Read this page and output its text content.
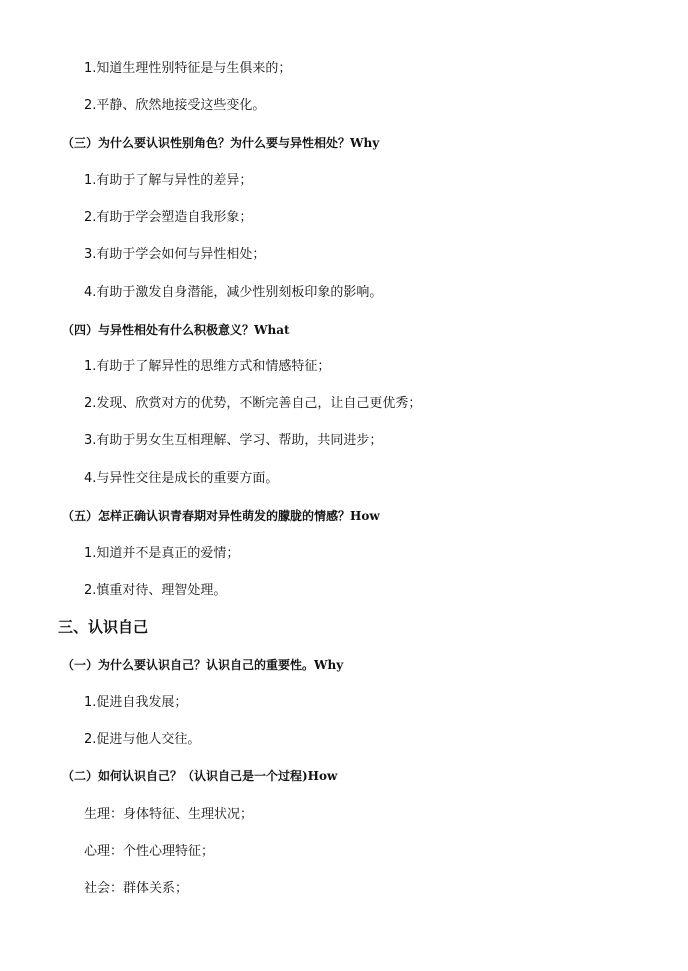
1.知道生理性别特征是与生俱来的；
2.平静、欣然地接受这些变化。
（三）为什么要认识性别角色？为什么要与异性相处？Why
1.有助于了解与异性的差异；
2.有助于学会塑造自我形象；
3.有助于学会如何与异性相处；
4.有助于激发自身潜能，减少性别刻板印象的影响。
（四）与异性相处有什么积极意义？What
1.有助于了解异性的思维方式和情感特征；
2.发现、欣赏对方的优势，不断完善自己，让自己更优秀；
3.有助于男女生互相理解、学习、帮助，共同进步；
4.与异性交往是成长的重要方面。
（五）怎样正确认识青春期对异性萌发的朦胧的情感？How
1.知道并不是真正的爱情；
2.慎重对待、理智处理。
三、认识自己
（一）为什么要认识自己？认识自己的重要性。Why
1.促进自我发展；
2.促进与他人交往。
（二）如何认识自己？（认识自己是一个过程)How
生理：身体特征、生理状况；
心理：个性心理特征；
社会：群体关系；
